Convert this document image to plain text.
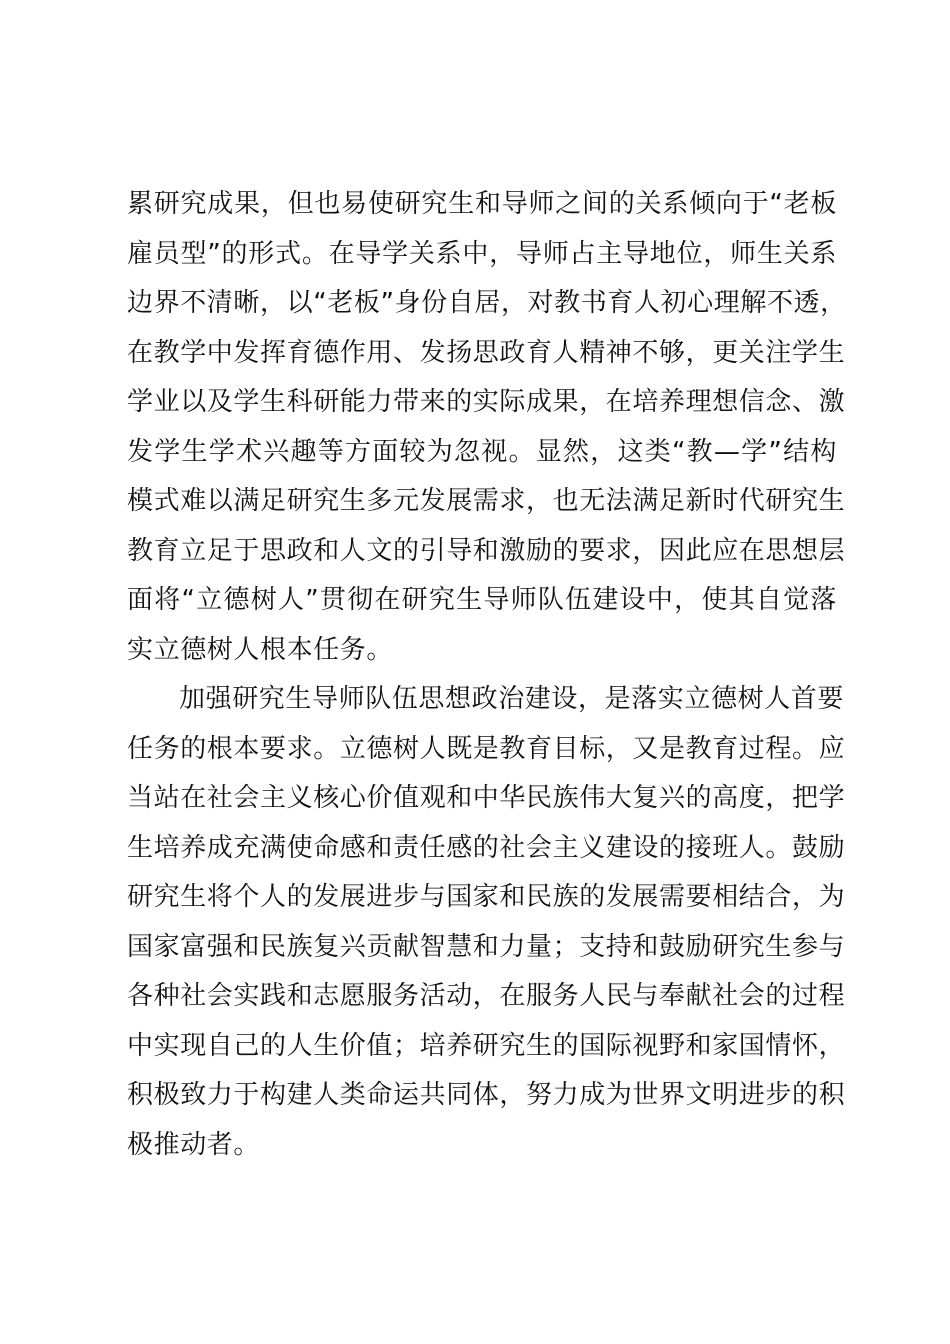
累研究成果，但也易使研究生和导师之间的关系倾向于“老板
雇员型”的形式。在导学关系中，导师占主导地位，师生关系
边界不清晰，以“老板”身份自居，对教书育人初心理解不透，
在教学中发挥育德作用、发扬思政育人精神不够，更关注学生
学业以及学生科研能力带来的实际成果，在培养理想信念、激
发学生学术兴趣等方面较为忽视。显然，这类“教—学”结构
模式难以满足研究生多元发展需求，也无法满足新时代研究生
教育立足于思政和人文的引导和激励的要求，因此应在思想层
面将“立德树人”贯彻在研究生导师队伍建设中，使其自觉落
实立德树人根本任务。

加强研究生导师队伍思想政治建设，是落实立德树人首要
任务的根本要求。立德树人既是教育目标，又是教育过程。应
当站在社会主义核心价值观和中华民族伟大复兴的高度，把学
生培养成充满使命感和责任感的社会主义建设的接班人。鼓励
研究生将个人的发展进步与国家和民族的发展需要相结合，为
国家富强和民族复兴贡献智慧和力量；支持和鼓励研究生参与
各种社会实践和志愿服务活动，在服务人民与奉献社会的过程
中实现自己的人生价值；培养研究生的国际视野和家国情怀，
积极致力于构建人类命运共同体，努力成为世界文明进步的积
极推动者。
